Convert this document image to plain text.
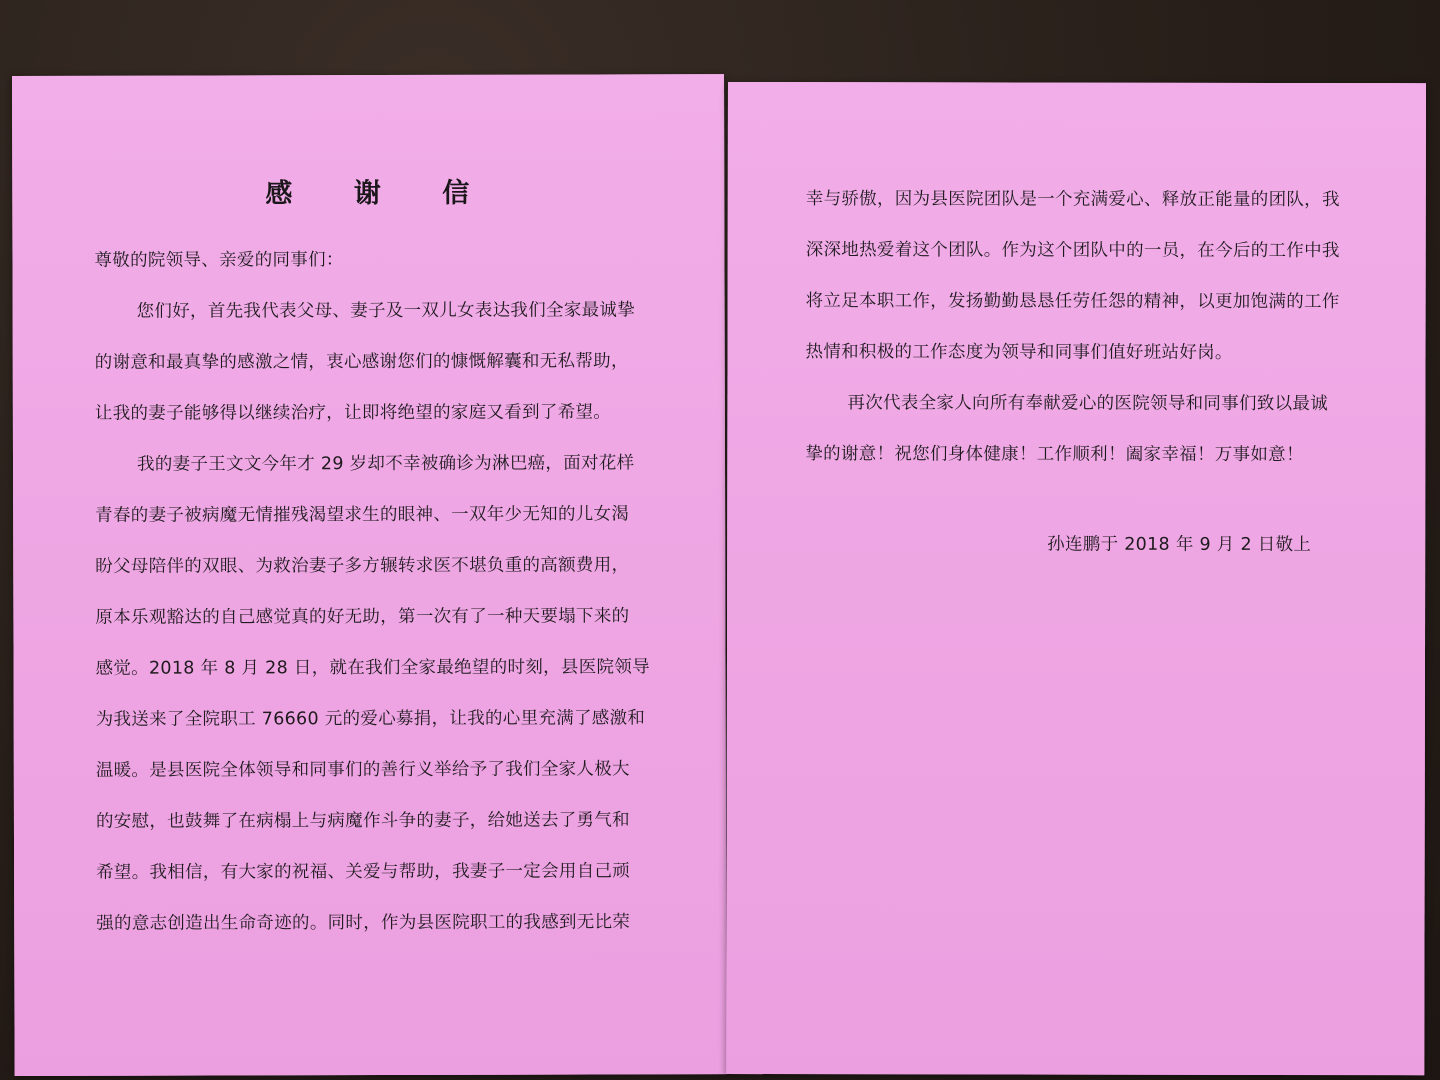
感 谢 信
尊敬的院领导、亲爱的同事们：
您们好，首先我代表父母、妻子及一双儿女表达我们全家最诚挚
的谢意和最真挚的感激之情，衷心感谢您们的慷慨解囊和无私帮助，
让我的妻子能够得以继续治疗，让即将绝望的家庭又看到了希望。
我的妻子王文文今年才 29 岁却不幸被确诊为淋巴癌，面对花样
青春的妻子被病魔无情摧残渴望求生的眼神、一双年少无知的儿女渴
盼父母陪伴的双眼、为救治妻子多方辗转求医不堪负重的高额费用，
原本乐观豁达的自己感觉真的好无助，第一次有了一种天要塌下来的
感觉。2018 年 8 月 28 日，就在我们全家最绝望的时刻，县医院领导
为我送来了全院职工 76660 元的爱心募捐，让我的心里充满了感激和
温暖。是县医院全体领导和同事们的善行义举给予了我们全家人极大
的安慰，也鼓舞了在病榻上与病魔作斗争的妻子，给她送去了勇气和
希望。我相信，有大家的祝福、关爱与帮助，我妻子一定会用自己顽
强的意志创造出生命奇迹的。同时，作为县医院职工的我感到无比荣
幸与骄傲，因为县医院团队是一个充满爱心、释放正能量的团队，我
深深地热爱着这个团队。作为这个团队中的一员，在今后的工作中我
将立足本职工作，发扬勤勤恳恳任劳任怨的精神，以更加饱满的工作
热情和积极的工作态度为领导和同事们值好班站好岗。
再次代表全家人向所有奉献爱心的医院领导和同事们致以最诚
挚的谢意！祝您们身体健康！工作顺利！阖家幸福！万事如意！
孙连鹏于 2018 年 9 月 2 日敬上
